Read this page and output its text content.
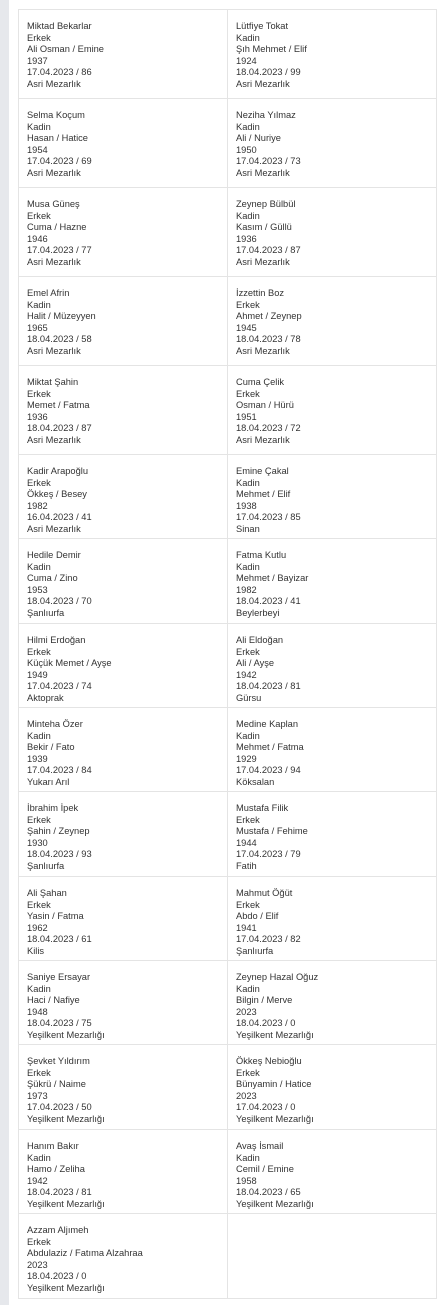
Miktad Bekarlar
Erkek
Ali Osman / Emine
1937
17.04.2023 / 86
Asri Mezarlık
Lütfiye Tokat
Kadin
Şıh Mehmet / Elif
1924
18.04.2023 / 99
Asri Mezarlık
Selma Koçum
Kadin
Hasan / Hatice
1954
17.04.2023 / 69
Asri Mezarlık
Neziha Yılmaz
Kadin
Ali / Nuriye
1950
17.04.2023 / 73
Asri Mezarlık
Musa Güneş
Erkek
Cuma / Hazne
1946
17.04.2023 / 77
Asri Mezarlık
Zeynep Bülbül
Kadin
Kasım / Güllü
1936
17.04.2023 / 87
Asri Mezarlık
Emel Afrin
Kadin
Halit / Müzeyyen
1965
18.04.2023 / 58
Asri Mezarlık
İzzettin Boz
Erkek
Ahmet / Zeynep
1945
18.04.2023 / 78
Asri Mezarlık
Miktat Şahin
Erkek
Memet / Fatma
1936
18.04.2023 / 87
Asri Mezarlık
Cuma Çelik
Erkek
Osman / Hürü
1951
18.04.2023 / 72
Asri Mezarlık
Kadir Arapoğlu
Erkek
Ökkeş / Besey
1982
16.04.2023 / 41
Asri Mezarlık
Emine Çakal
Kadin
Mehmet / Elif
1938
17.04.2023 / 85
Sinan
Hedile Demir
Kadin
Cuma / Zino
1953
18.04.2023 / 70
Şanlıurfa
Fatma Kutlu
Kadin
Mehmet / Bayizar
1982
18.04.2023 / 41
Beylerbeyi
Hilmi Erdoğan
Erkek
Küçük Memet / Ayşe
1949
17.04.2023 / 74
Aktoprak
Ali Eldoğan
Erkek
Ali / Ayşe
1942
18.04.2023 / 81
Gürsu
Minteha Özer
Kadin
Bekir / Fato
1939
17.04.2023 / 84
Yukarı Arıl
Medine Kaplan
Kadin
Mehmet / Fatma
1929
17.04.2023 / 94
Köksalan
İbrahim İpek
Erkek
Şahin / Zeynep
1930
18.04.2023 / 93
Şanlıurfa
Mustafa Filik
Erkek
Mustafa / Fehime
1944
17.04.2023 / 79
Fatih
Ali Şahan
Erkek
Yasin / Fatma
1962
18.04.2023 / 61
Kilis
Mahmut Öğüt
Erkek
Abdo / Elif
1941
17.04.2023 / 82
Şanlıurfa
Saniye Ersayar
Kadin
Haci / Nafiye
1948
18.04.2023 / 75
Yeşilkent Mezarlığı
Zeynep Hazal Oğuz
Kadin
Bilgin / Merve
2023
18.04.2023 / 0
Yeşilkent Mezarlığı
Şevket Yıldırım
Erkek
Şükrü / Naime
1973
17.04.2023 / 50
Yeşilkent Mezarlığı
Ökkeş Nebioğlu
Erkek
Bünyamin / Hatice
2023
17.04.2023 / 0
Yeşilkent Mezarlığı
Hanım Bakır
Kadin
Hamo / Zeliha
1942
18.04.2023 / 81
Yeşilkent Mezarlığı
Avaş İsmail
Kadin
Cemil / Emine
1958
18.04.2023 / 65
Yeşilkent Mezarlığı
Azzam Aljımeh
Erkek
Abdulaziz / Fatıma Alzahraa
2023
18.04.2023 / 0
Yeşilkent Mezarlığı
